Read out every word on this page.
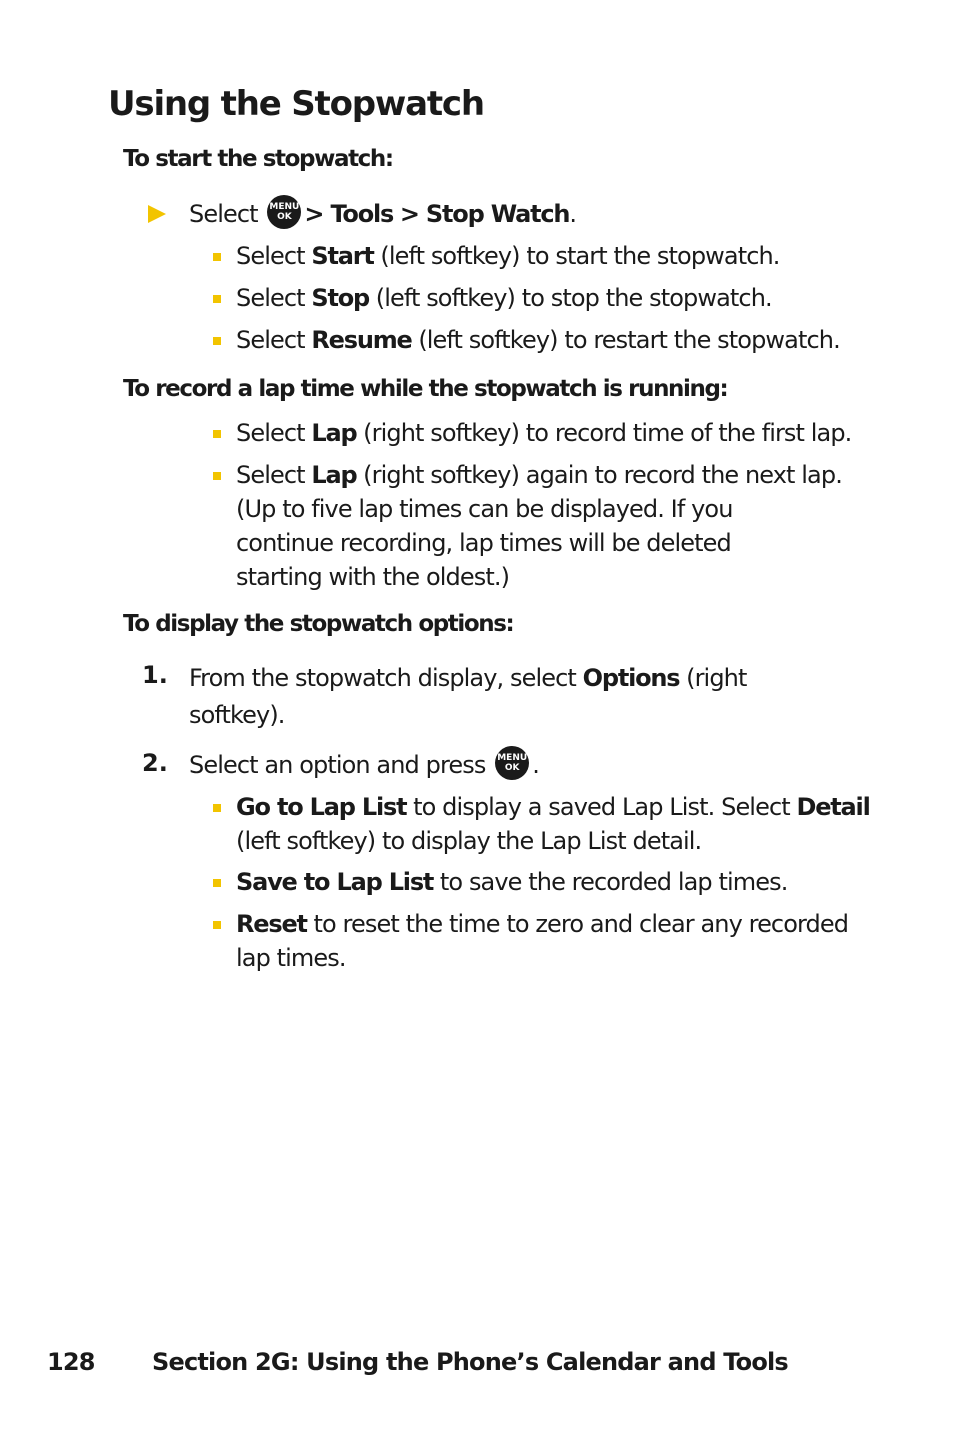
Using the Stopwatch
To start the stopwatch:
Select MENU
OK > Tools > Stop Watch.
Select Start (left softkey) to start the stopwatch.
Select Stop (left softkey) to stop the stopwatch.
Select Resume (left softkey) to restart the stopwatch.
To record a lap time while the stopwatch is running:
Select Lap (right softkey) to record time of the first lap.
Select Lap (right softkey) again to record the next lap.
(Up to five lap times can be displayed. If you
continue recording, lap times will be deleted
starting with the oldest.)
To display the stopwatch options:
1. From the stopwatch display, select Options (right
softkey).
2. Select an option and press MENU
OK .
Go to Lap List to display a saved Lap List. Select Detail
(left softkey) to display the Lap List detail.
Save to Lap List to save the recorded lap times.
Reset to reset the time to zero and clear any recorded
lap times.
128 Section 2G: Using the Phone’s Calendar and Tools
